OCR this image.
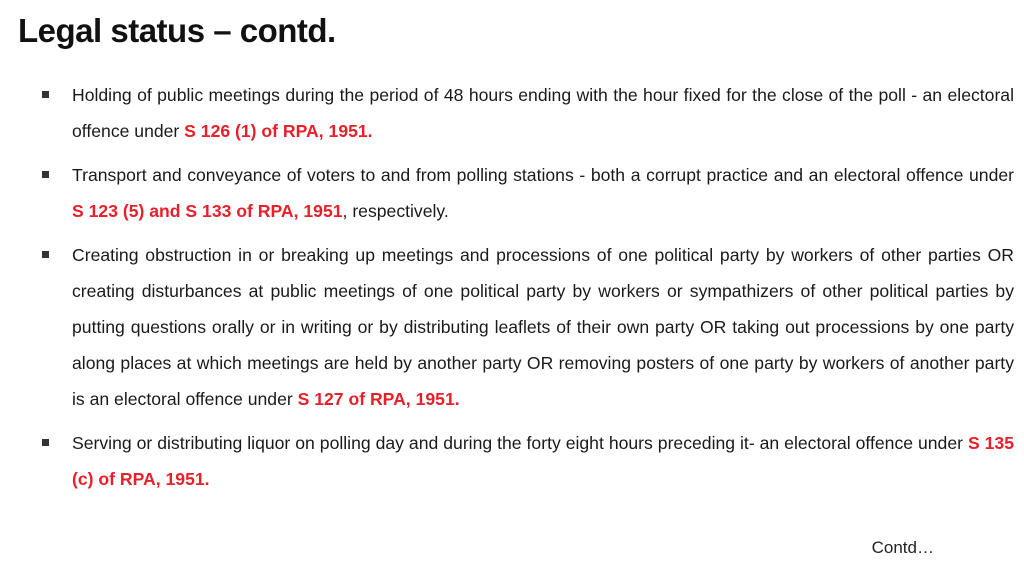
Legal status – contd.
Holding of public meetings during the period of 48 hours ending with the hour fixed for the close of the poll - an electoral offence under S 126 (1) of RPA, 1951.
Transport and conveyance of voters to and from polling stations - both a corrupt practice and an electoral offence under S 123 (5) and S 133 of RPA, 1951, respectively.
Creating obstruction in or breaking up meetings and processions of one political party by workers of other parties OR creating disturbances at public meetings of one political party by workers or sympathizers of other political parties by putting questions orally or in writing or by distributing leaflets of their own party OR taking out processions by one party along places at which meetings are held by another party OR removing posters of one party by workers of another party is an electoral offence under S 127 of RPA, 1951.
Serving or distributing liquor on polling day and during the forty eight hours preceding it- an electoral offence under S 135 (c) of RPA, 1951.
Contd…
